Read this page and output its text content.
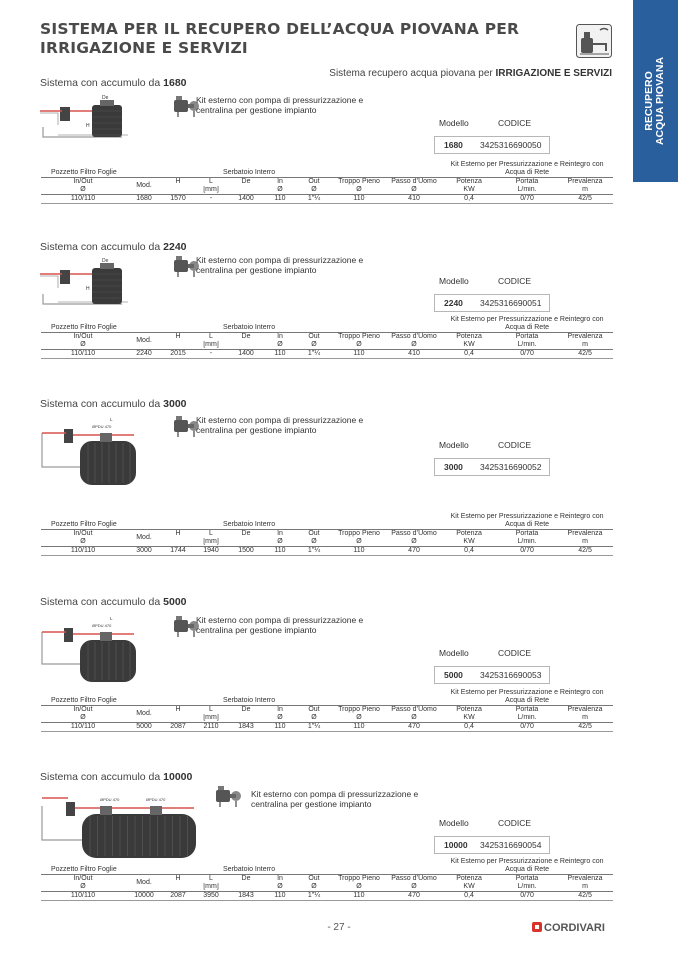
SISTEMA PER IL RECUPERO DELL’ACQUA PIOVANA PER IRRIGAZIONE E SERVIZI
RECUPERO ACQUA PIOVANA
Sistema recupero acqua piovana per IRRIGAZIONE E SERVIZI
Sistema con accumulo da 1680
De
H
Kit esterno con pompa di pressurizzazione e centralina per gestione impianto
Modello	CODICE
1680 3425316690050
Pozzetto Filtro Foglie		Serbatoio Interro							Kit Esterno per Pressurizzazione e Reintegro con Acqua di Rete		
In/Out	Mod.	H	L	De	In	Out	Troppo Pieno	Passo d’Uomo	Potenza	Portata	Prevalenza
Ø			[mm]		Ø	Ø	Ø	Ø	KW	L/min.	m
110/110	1680	1570	-	1400	110	1"¼	110	410	0,4	0/70	42/5
Sistema con accumulo da 2240
De
H
Kit esterno con pompa di pressurizzazione e centralina per gestione impianto
Modello	CODICE
2240 3425316690051
Pozzetto Filtro Foglie		Serbatoio Interro							Kit Esterno per Pressurizzazione e Reintegro con Acqua di Rete		
In/Out	Mod.	H	L	De	In	Out	Troppo Pieno	Passo d’Uomo	Potenza	Portata	Prevalenza
Ø			[mm]		Ø	Ø	Ø	Ø	KW	L/min.	m
110/110	2240	2015	-	1400	110	1"¼	110	410	0,4	0/70	42/5
Sistema con accumulo da 3000
L
ØPDU 470
Kit esterno con pompa di pressurizzazione e centralina per gestione impianto
Modello	CODICE
3000 3425316690052
Pozzetto Filtro Foglie		Serbatoio Interro							Kit Esterno per Pressurizzazione e Reintegro con Acqua di Rete		
In/Out	Mod.	H	L	De	In	Out	Troppo Pieno	Passo d’Uomo	Potenza	Portata	Prevalenza
Ø			[mm]		Ø	Ø	Ø	Ø	KW	L/min.	m
110/110	3000	1744	1940	1500	110	1"¼	110	470	0,4	0/70	42/5
Sistema con accumulo da 5000
L
ØPDU 470
Kit esterno con pompa di pressurizzazione e centralina per gestione impianto
Modello	CODICE
5000 3425316690053
Pozzetto Filtro Foglie		Serbatoio Interro							Kit Esterno per Pressurizzazione e Reintegro con Acqua di Rete		
In/Out	Mod.	H	L	De	In	Out	Troppo Pieno	Passo d’Uomo	Potenza	Portata	Prevalenza
Ø			[mm]		Ø	Ø	Ø	Ø	KW	L/min.	m
110/110	5000	2087	2110	1843	110	1"¼	110	470	0,4	0/70	42/5
Sistema con accumulo da 10000
ØPDU 470	ØPDU 470
Kit esterno con pompa di pressurizzazione e centralina per gestione impianto
Modello	CODICE
10000 3425316690054
Pozzetto Filtro Foglie		Serbatoio Interro							Kit Esterno per Pressurizzazione e Reintegro con Acqua di Rete		
In/Out	Mod.	H	L	De	In	Out	Troppo Pieno	Passo d’Uomo	Potenza	Portata	Prevalenza
Ø			[mm]		Ø	Ø	Ø	Ø	KW	L/min.	m
110/110	10000	2087	3950	1843	110	1"¼	110	470	0,4	0/70	42/5
- 27 -	CORDIVARI
